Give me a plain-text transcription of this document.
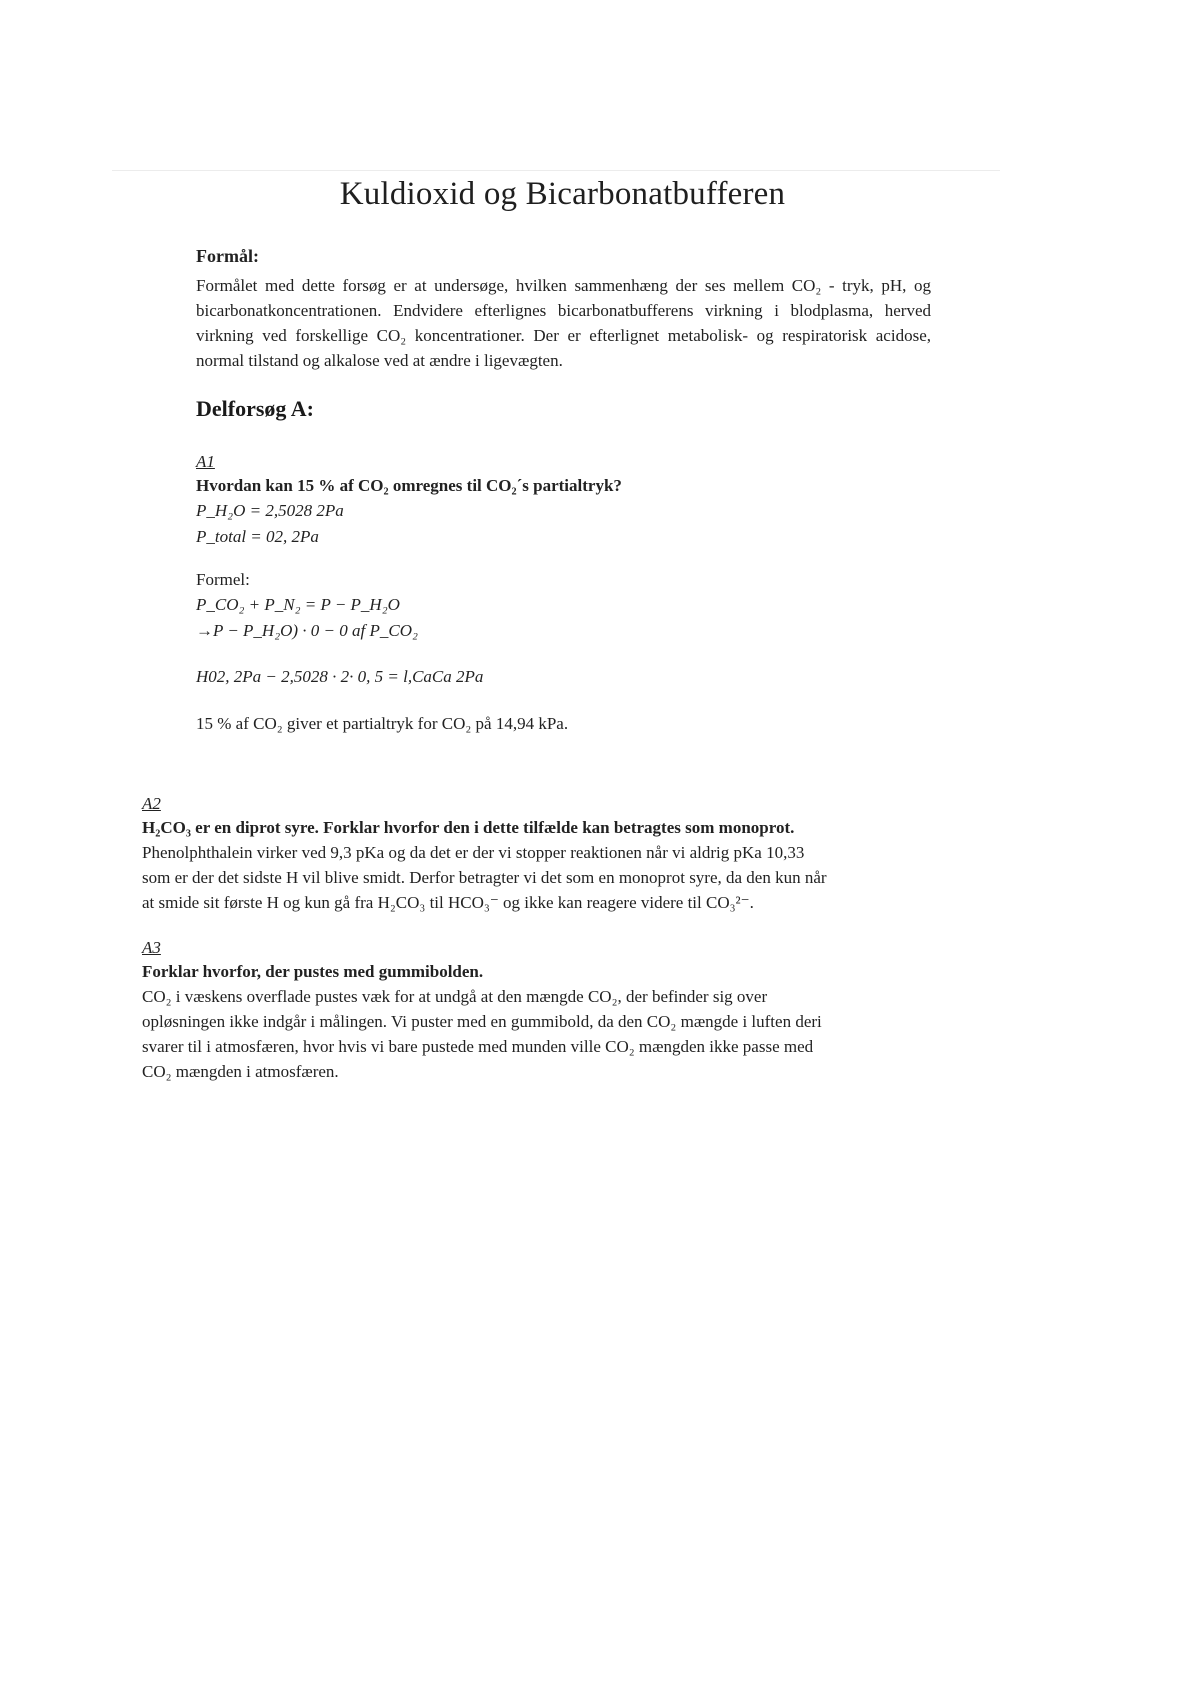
Kuldioxid og Bicarbonatbufferen
Formål:

Formålet med dette forsøg er at undersøge, hvilken sammenhæng der ses mellem CO₂ - tryk, pH, og bicarbonatkoncentrationen. Endvidere efterlignes bicarbonatbufferens virkning i blodplasma, herved virkning ved forskellige CO₂ koncentrationer. Der er efterlignet metabolisk- og respiratorisk acidose, normal tilstand og alkalose ved at ændre i ligevægten.

Delforsøg A:
A1
Hvordan kan 15 % af CO₂ omregnes til CO₂´s partialtryk?
P_H₂O = 2,5028 2Pa
P_total = 02, 2Pa
Formel:
P_CO₂ + P_N₂ = P − P_H₂O
→P − P_H₂O) · 0 − 0 af P_CO₂
H02, 2Pa − 2,5028 · 2· 0, 5 = l,CaCa 2Pa
15 % af CO₂ giver et partialtryk for CO₂ på 14,94 kPa.
A2
H₂CO₃ er en diprot syre. Forklar hvorfor den i dette tilfælde kan betragtes som monoprot.
Phenolphthalein virker ved 9,3 pKa og da det er der vi stopper reaktionen når vi aldrig pKa 10,33
som er der det sidste H vil blive smidt. Derfor betragter vi det som en monoprot syre, da den kun når
at smide sit første H og kun gå fra H₂CO₃ til HCO₃⁻ og ikke kan reagere videre til CO₃²⁻.
A3
Forklar hvorfor, der pustes med gummibolden.
CO₂ i væskens overflade pustes væk for at undgå at den mængde CO₂, der befinder sig over
opløsningen ikke indgår i målingen. Vi puster med en gummibold, da den CO₂ mængde i luften deri
svarer til i atmosfæren, hvor hvis vi bare pustede med munden ville CO₂ mængden ikke passe med
CO₂ mængden i atmosfæren.
